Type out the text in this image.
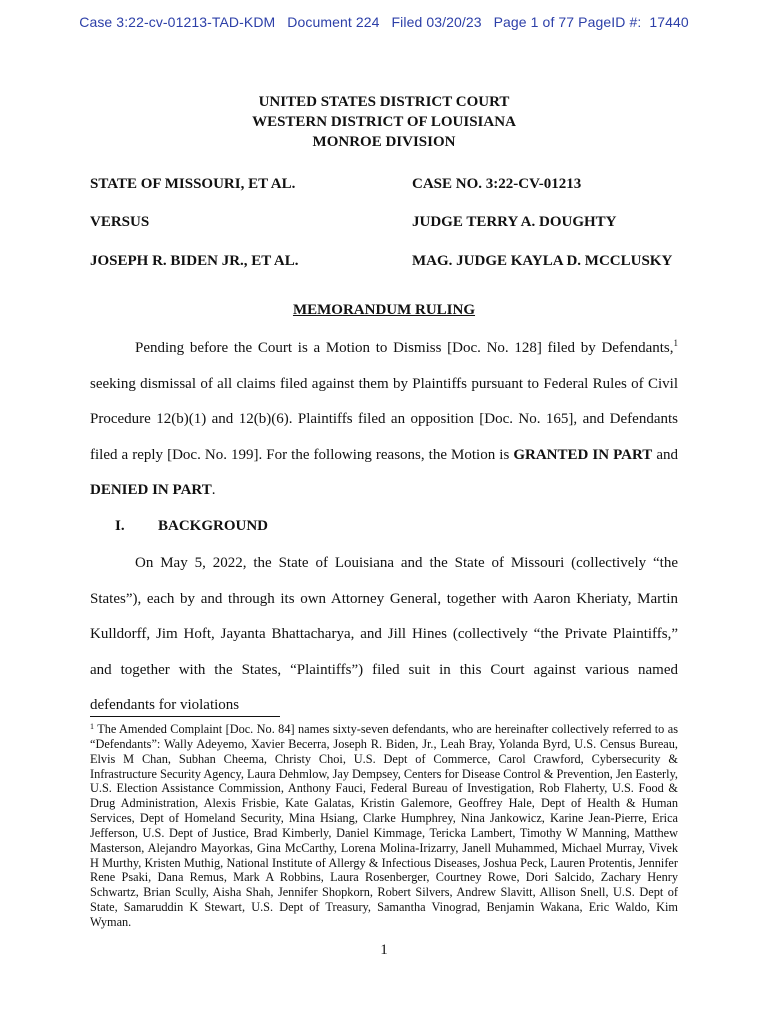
Case 3:22-cv-01213-TAD-KDM   Document 224   Filed 03/20/23   Page 1 of 77 PageID #:  17440
UNITED STATES DISTRICT COURT
WESTERN DISTRICT OF LOUISIANA
MONROE DIVISION
STATE OF MISSOURI, ET AL.	CASE NO. 3:22-CV-01213
VERSUS	JUDGE TERRY A. DOUGHTY
JOSEPH R. BIDEN JR., ET AL.	MAG. JUDGE KAYLA D. MCCLUSKY
MEMORANDUM RULING

Pending before the Court is a Motion to Dismiss [Doc. No. 128] filed by Defendants,$^1$ seeking dismissal of all claims filed against them by Plaintiffs pursuant to Federal Rules of Civil Procedure 12(b)(1) and 12(b)(6). Plaintiffs filed an opposition [Doc. No. 165], and Defendants filed a reply [Doc. No. 199]. For the following reasons, the Motion is GRANTED IN PART and DENIED IN PART.

I. BACKGROUND

On May 5, 2022, the State of Louisiana and the State of Missouri (collectively “the States”), each by and through its own Attorney General, together with Aaron Kheriaty, Martin Kulldorff, Jim Hoft, Jayanta Bhattacharya, and Jill Hines (collectively “the Private Plaintiffs,” and together with the States, “Plaintiffs”) filed suit in this Court against various named defendants for violations

$^1$ The Amended Complaint [Doc. No. 84] names sixty-seven defendants, who are hereinafter collectively referred to as “Defendants”: Wally Adeyemo, Xavier Becerra, Joseph R. Biden, Jr., Leah Bray, Yolanda Byrd, U.S. Census Bureau, Elvis M Chan, Subhan Cheema, Christy Choi, U.S. Dept of Commerce, Carol Crawford, Cybersecurity & Infrastructure Security Agency, Laura Dehmlow, Jay Dempsey, Centers for Disease Control & Prevention, Jen Easterly, U.S. Election Assistance Commission, Anthony Fauci, Federal Bureau of Investigation, Rob Flaherty, U.S. Food & Drug Administration, Alexis Frisbie, Kate Galatas, Kristin Galemore, Geoffrey Hale, Dept of Health & Human Services, Dept of Homeland Security, Mina Hsiang, Clarke Humphrey, Nina Jankowicz, Karine Jean-Pierre, Erica Jefferson, U.S. Dept of Justice, Brad Kimberly, Daniel Kimmage, Tericka Lambert, Timothy W Manning, Matthew Masterson, Alejandro Mayorkas, Gina McCarthy, Lorena Molina-Irizarry, Janell Muhammed, Michael Murray, Vivek H Murthy, Kristen Muthig, National Institute of Allergy & Infectious Diseases, Joshua Peck, Lauren Protentis, Jennifer Rene Psaki, Dana Remus, Mark A Robbins, Laura Rosenberger, Courtney Rowe, Dori Salcido, Zachary Henry Schwartz, Brian Scully, Aisha Shah, Jennifer Shopkorn, Robert Silvers, Andrew Slavitt, Allison Snell, U.S. Dept of State, Samaruddin K Stewart, U.S. Dept of Treasury, Samantha Vinograd, Benjamin Wakana, Eric Waldo, Kim Wyman.
1
